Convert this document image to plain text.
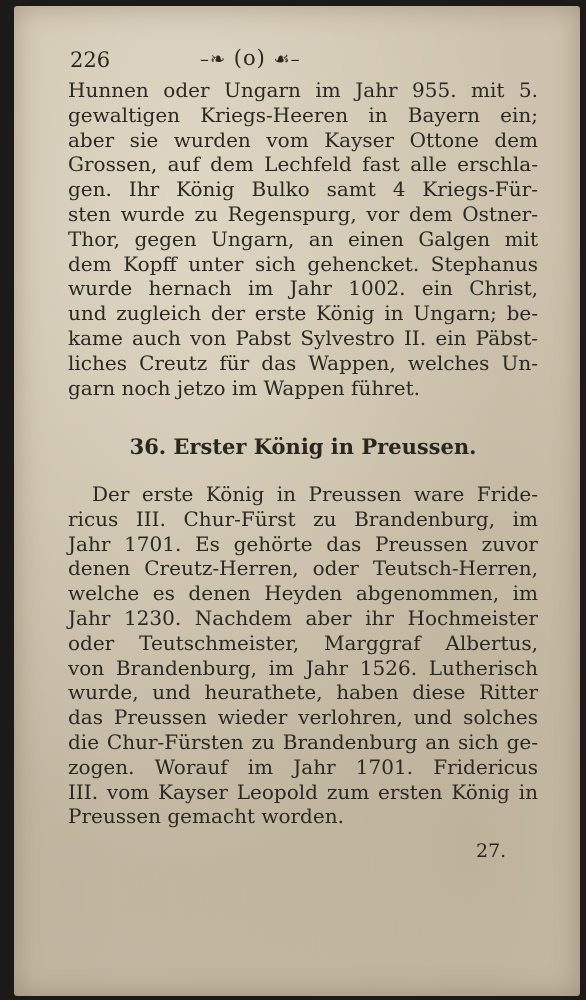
226	–❧ (o) ☙–
Hunnen oder Ungarn im Jahr 955. mit 5.
gewaltigen Kriegs-Heeren in Bayern ein;
aber sie wurden vom Kayser Ottone dem
Grossen, auf dem Lechfeld fast alle erschla-
gen. Ihr König Bulko samt 4 Kriegs-Für-
sten wurde zu Regenspurg, vor dem Ostner-
Thor, gegen Ungarn, an einen Galgen mit
dem Kopff unter sich gehencket. Stephanus
wurde hernach im Jahr 1002. ein Christ,
und zugleich der erste König in Ungarn; be-
kame auch von Pabst Sylvestro II. ein Päbst-
liches Creutz für das Wappen, welches Un-
garn noch jetzo im Wappen führet.
36. Erster König in Preussen.
Der erste König in Preussen ware Fride-
ricus III. Chur-Fürst zu Brandenburg, im
Jahr 1701. Es gehörte das Preussen zuvor
denen Creutz-Herren, oder Teutsch-Herren,
welche es denen Heyden abgenommen, im
Jahr 1230. Nachdem aber ihr Hochmeister
oder Teutschmeister, Marggraf Albertus,
von Brandenburg, im Jahr 1526. Lutherisch
wurde, und heurathete, haben diese Ritter
das Preussen wieder verlohren, und solches
die Chur-Fürsten zu Brandenburg an sich ge-
zogen. Worauf im Jahr 1701. Fridericus
III. vom Kayser Leopold zum ersten König in
Preussen gemacht worden.
27.
